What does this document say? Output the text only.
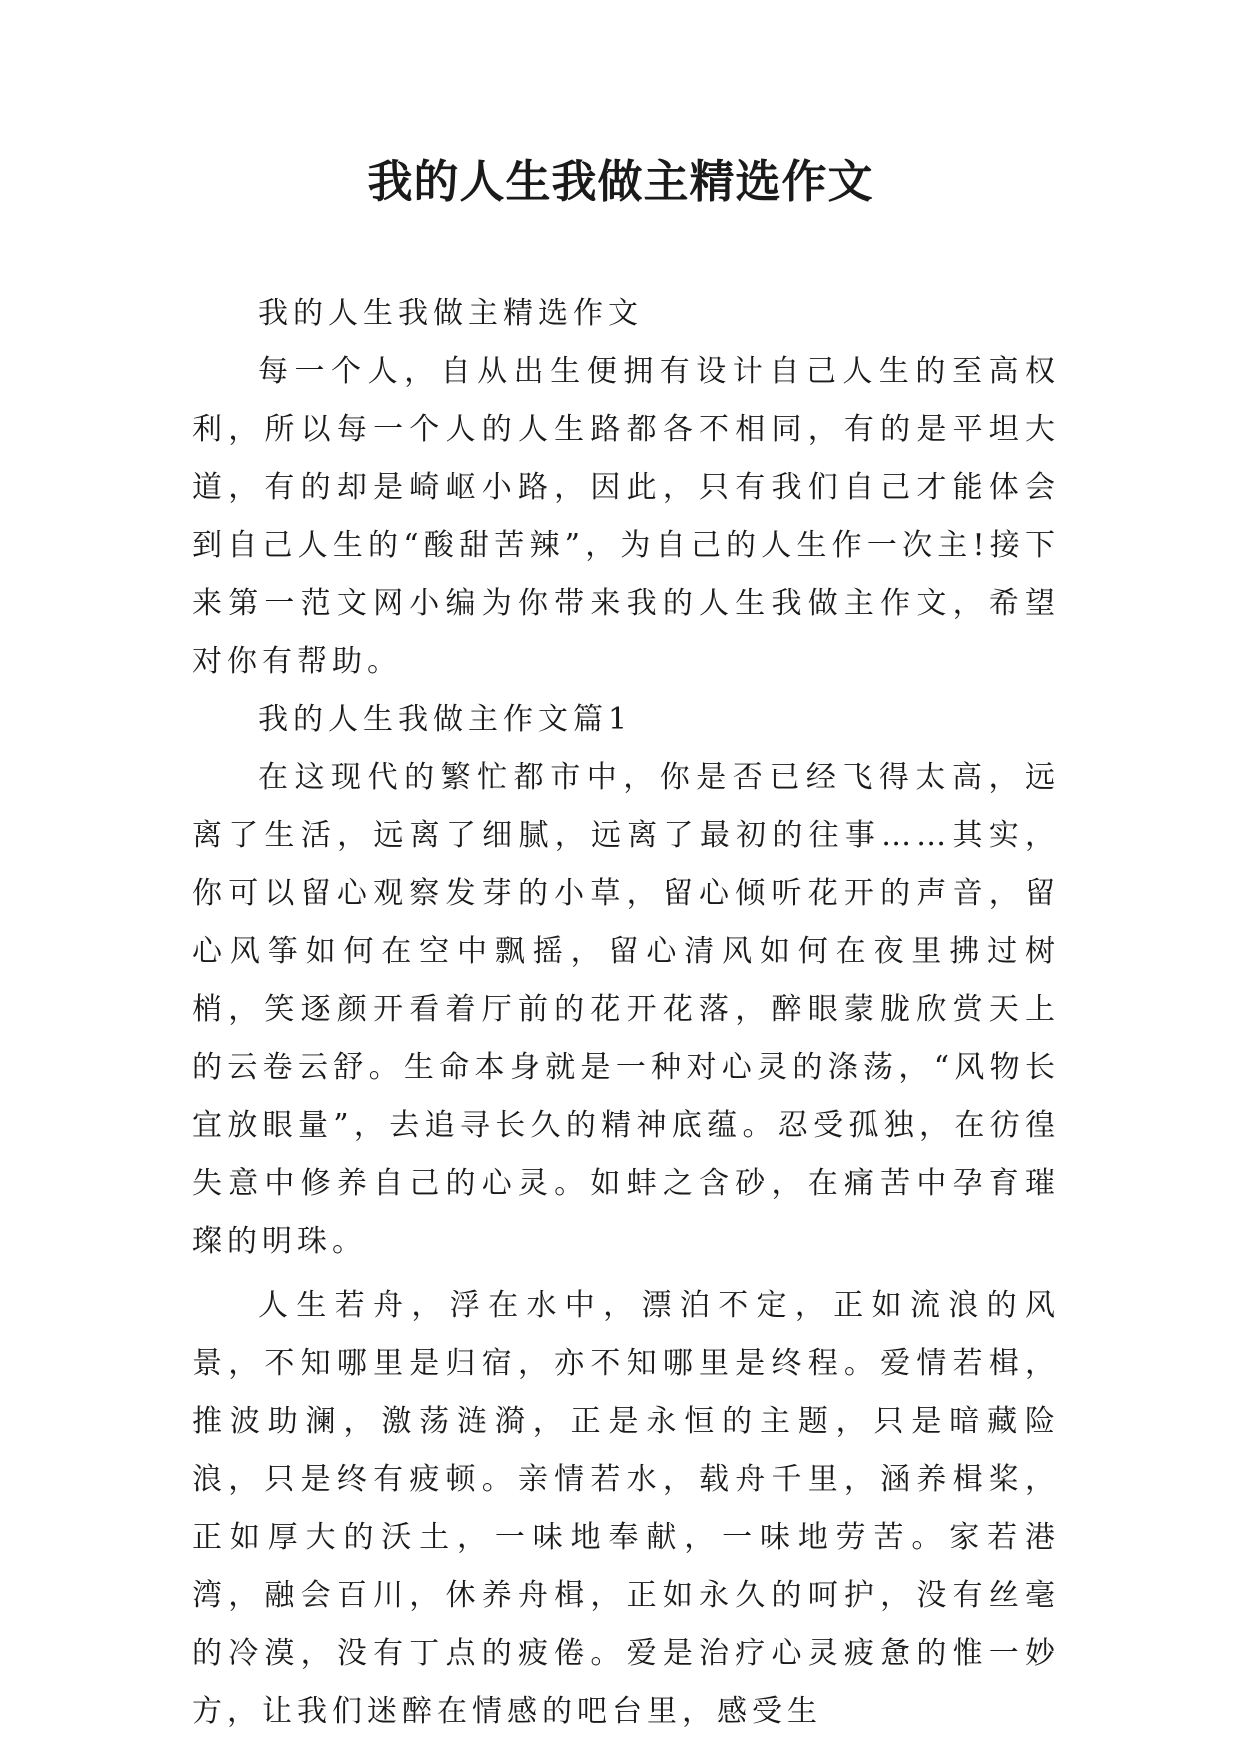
我的人生我做主精选作文

我的人生我做主精选作文

每一个人，自从出生便拥有设计自己人生的至高权利，所以每一个人的人生路都各不相同，有的是平坦大道，有的却是崎岖小路，因此，只有我们自己才能体会到自己人生的“酸甜苦辣”，为自己的人生作一次主!接下来第一范文网小编为你带来我的人生我做主作文，希望对你有帮助。

我的人生我做主作文篇1

在这现代的繁忙都市中，你是否已经飞得太高，远离了生活，远离了细腻，远离了最初的往事……其实，你可以留心观察发芽的小草，留心倾听花开的声音，留心风筝如何在空中飘摇，留心清风如何在夜里拂过树梢，笑逐颜开看着厅前的花开花落，醉眼蒙胧欣赏天上的云卷云舒。生命本身就是一种对心灵的涤荡，“风物长宜放眼量”，去追寻长久的精神底蕴。忍受孤独，在彷徨失意中修养自己的心灵。如蚌之含砂，在痛苦中孕育璀璨的明珠。

人生若舟，浮在水中，漂泊不定，正如流浪的风景，不知哪里是归宿，亦不知哪里是终程。爱情若楫，推波助澜，激荡涟漪，正是永恒的主题，只是暗藏险浪，只是终有疲顿。亲情若水，载舟千里，涵养楫桨，正如厚大的沃土，一味地奉献，一味地劳苦。家若港湾，融会百川，休养舟楫，正如永久的呵护，没有丝毫的冷漠，没有丁点的疲倦。爱是治疗心灵疲惫的惟一妙方，让我们迷醉在情感的吧台里，感受生
